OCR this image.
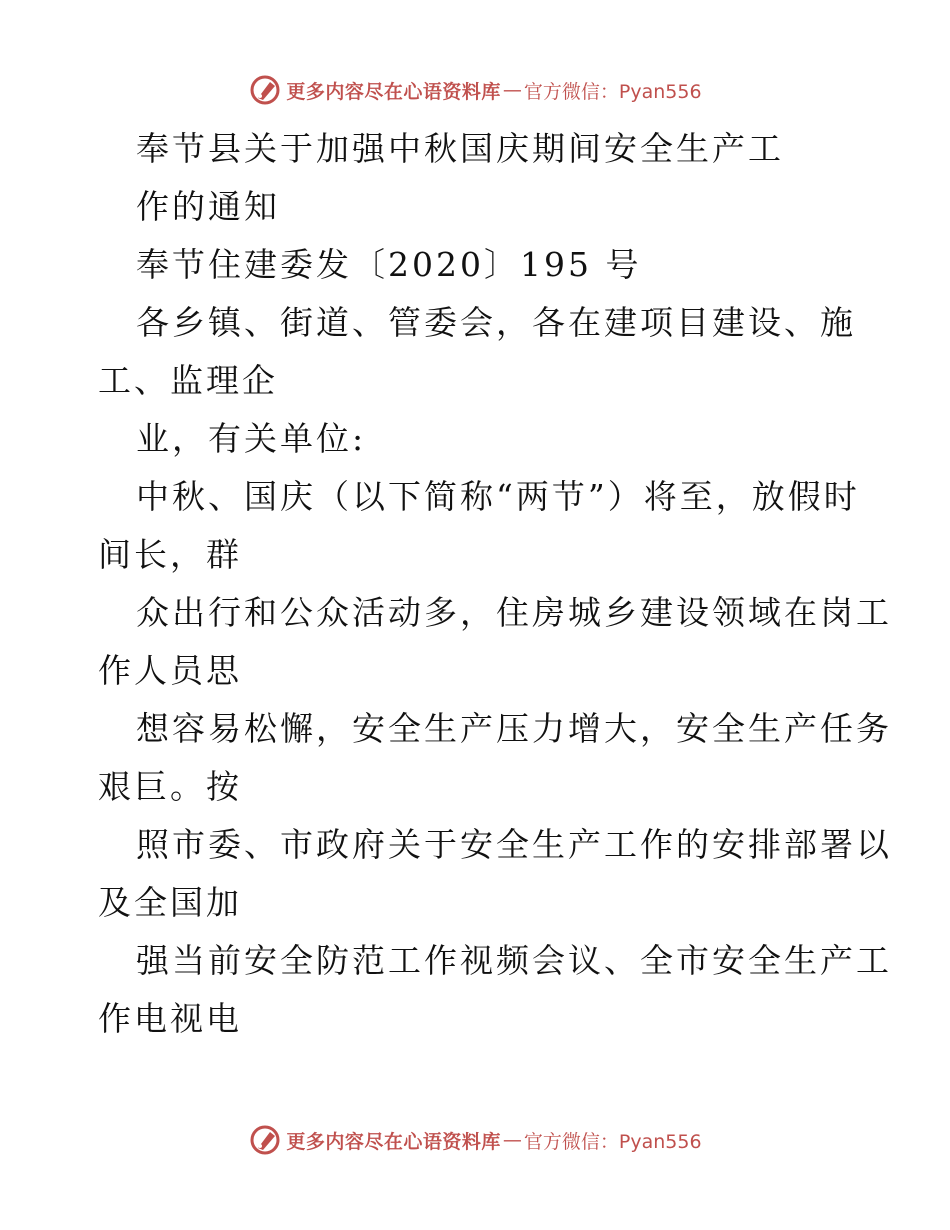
更多内容尽在心语资料库 — 官方微信：Pyan556
奉节县关于加强中秋国庆期间安全生产工
作的通知
奉节住建委发〔2020〕195 号
各乡镇、街道、管委会，各在建项目建设、施
工、监理企
业，有关单位:
中秋、国庆（以下简称“两节”）将至，放假时
间长，群
众出行和公众活动多，住房城乡建设领域在岗工
作人员思
想容易松懈，安全生产压力增大，安全生产任务
艰巨。按
照市委、市政府关于安全生产工作的安排部署以
及全国加
强当前安全防范工作视频会议、全市安全生产工
作电视电
更多内容尽在心语资料库 — 官方微信：Pyan556
